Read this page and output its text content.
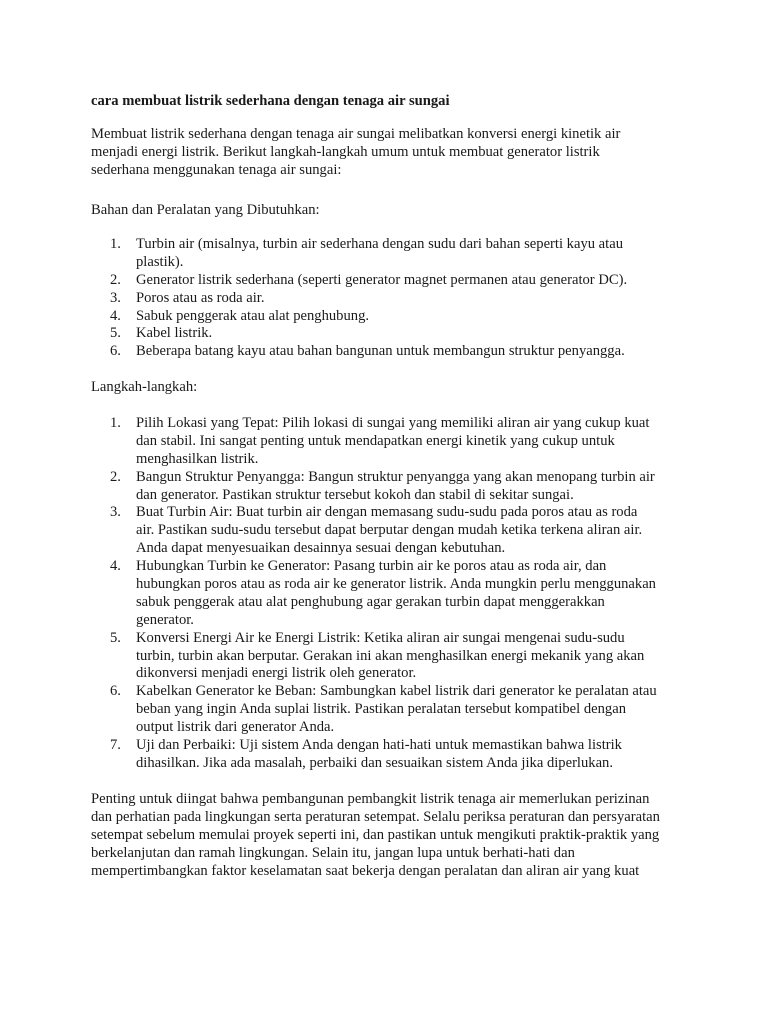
cara membuat listrik sederhana dengan tenaga air sungai
Membuat listrik sederhana dengan tenaga air sungai melibatkan konversi energi kinetik air
menjadi energi listrik. Berikut langkah-langkah umum untuk membuat generator listrik
sederhana menggunakan tenaga air sungai:
Bahan dan Peralatan yang Dibutuhkan:
1. Turbin air (misalnya, turbin air sederhana dengan sudu dari bahan seperti kayu atau
plastik).
2. Generator listrik sederhana (seperti generator magnet permanen atau generator DC).
3. Poros atau as roda air.
4. Sabuk penggerak atau alat penghubung.
5. Kabel listrik.
6. Beberapa batang kayu atau bahan bangunan untuk membangun struktur penyangga.
Langkah-langkah:
1. Pilih Lokasi yang Tepat: Pilih lokasi di sungai yang memiliki aliran air yang cukup kuat
dan stabil. Ini sangat penting untuk mendapatkan energi kinetik yang cukup untuk
menghasilkan listrik.
2. Bangun Struktur Penyangga: Bangun struktur penyangga yang akan menopang turbin air
dan generator. Pastikan struktur tersebut kokoh dan stabil di sekitar sungai.
3. Buat Turbin Air: Buat turbin air dengan memasang sudu-sudu pada poros atau as roda
air. Pastikan sudu-sudu tersebut dapat berputar dengan mudah ketika terkena aliran air.
Anda dapat menyesuaikan desainnya sesuai dengan kebutuhan.
4. Hubungkan Turbin ke Generator: Pasang turbin air ke poros atau as roda air, dan
hubungkan poros atau as roda air ke generator listrik. Anda mungkin perlu menggunakan
sabuk penggerak atau alat penghubung agar gerakan turbin dapat menggerakkan
generator.
5. Konversi Energi Air ke Energi Listrik: Ketika aliran air sungai mengenai sudu-sudu
turbin, turbin akan berputar. Gerakan ini akan menghasilkan energi mekanik yang akan
dikonversi menjadi energi listrik oleh generator.
6. Kabelkan Generator ke Beban: Sambungkan kabel listrik dari generator ke peralatan atau
beban yang ingin Anda suplai listrik. Pastikan peralatan tersebut kompatibel dengan
output listrik dari generator Anda.
7. Uji dan Perbaiki: Uji sistem Anda dengan hati-hati untuk memastikan bahwa listrik
dihasilkan. Jika ada masalah, perbaiki dan sesuaikan sistem Anda jika diperlukan.
Penting untuk diingat bahwa pembangunan pembangkit listrik tenaga air memerlukan perizinan
dan perhatian pada lingkungan serta peraturan setempat. Selalu periksa peraturan dan persyaratan
setempat sebelum memulai proyek seperti ini, dan pastikan untuk mengikuti praktik-praktik yang
berkelanjutan dan ramah lingkungan. Selain itu, jangan lupa untuk berhati-hati dan
mempertimbangkan faktor keselamatan saat bekerja dengan peralatan dan aliran air yang kuat
